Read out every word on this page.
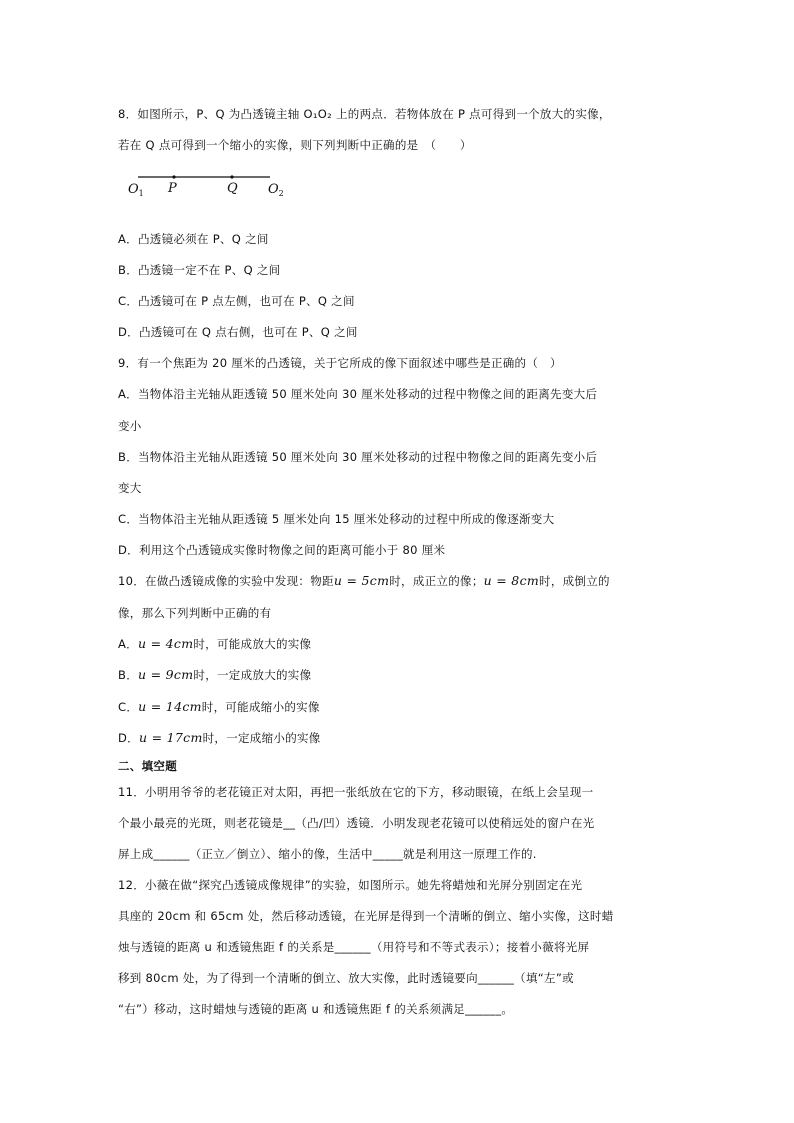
8．如图所示，P、Q 为凸透镜主轴 O₁O₂ 上的两点．若物体放在 P 点可得到一个放大的实像，
若在 Q 点可得到一个缩小的实像，则下列判断中正确的是　（　　）
$O_1$ P	Q $O_2$
A．凸透镜必须在 P、Q 之间
B．凸透镜一定不在 P、Q 之间
C．凸透镜可在 P 点左侧，也可在 P、Q 之间
D．凸透镜可在 Q 点右侧，也可在 P、Q 之间
9．有一个焦距为 20 厘米的凸透镜，关于它所成的像下面叙述中哪些是正确的（　）
A．当物体沿主光轴从距透镜 50 厘米处向 30 厘米处移动的过程中物像之间的距离先变大后
变小
B．当物体沿主光轴从距透镜 50 厘米处向 30 厘米处移动的过程中物像之间的距离先变小后
变大
C．当物体沿主光轴从距透镜 5 厘米处向 15 厘米处移动的过程中所成的像逐渐变大
D．利用这个凸透镜成实像时物像之间的距离可能小于 80 厘米
10．在做凸透镜成像的实验中发现：物距u = 5cm时，成正立的像；u = 8cm时，成倒立的
像，那么下列判断中正确的有
A．u = 4cm时，可能成放大的实像
B．u = 9cm时，一定成放大的实像
C．u = 14cm时，可能成缩小的实像
D．u = 17cm时，一定成缩小的实像
二、填空题
11．小明用爷爷的老花镜正对太阳，再把一张纸放在它的下方，移动眼镜，在纸上会呈现一
个最小最亮的光斑，则老花镜是__（凸/凹）透镜．小明发现老花镜可以使稍远处的窗户在光
屏上成______（正立／倒立）、缩小的像，生活中_____就是利用这一原理工作的.
12．小薇在做“探究凸透镜成像规律”的实验，如图所示。她先将蜡烛和光屏分别固定在光
具座的 20cm 和 65cm 处，然后移动透镜，在光屏是得到一个清晰的倒立、缩小实像，这时蜡
烛与透镜的距离 u 和透镜焦距 f 的关系是______（用符号和不等式表示）；接着小薇将光屏
移到 80cm 处，为了得到一个清晰的倒立、放大实像，此时透镜要向______（填“左”或
“右”）移动，这时蜡烛与透镜的距离 u 和透镜焦距 f 的关系须满足______。
